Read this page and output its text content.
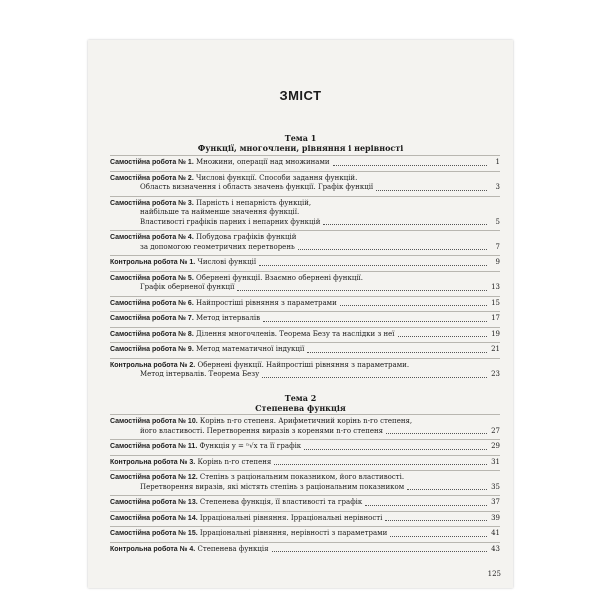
ЗМІСТ
Тема 1
Функції, многочлени, рівняння і нерівності
Самостійна робота № 1. Множини, операції над множинами	1
Самостійна робота № 2. Числові функції. Способи задання функцій.
Область визначення і область значень функції. Графік функції	3
Самостійна робота № 3. Парність і непарність функцій,
найбільше та найменше значення функції.
Властивості графіків парних і непарних функцій	5
Самостійна робота № 4. Побудова графіків функцій
за допомогою геометричних перетворень	7
Контрольна робота № 1. Числові функції	9
Самостійна робота № 5. Обернені функції. Взаємно обернені функції.
Графік оберненої функції	13
Самостійна робота № 6. Найпростіші рівняння з параметрами	15
Самостійна робота № 7. Метод інтервалів	17
Самостійна робота № 8. Ділення многочленів. Теорема Безу та наслідки з неї	19
Самостійна робота № 9. Метод математичної індукції	21
Контрольна робота № 2. Обернені функції. Найпростіші рівняння з параметрами.
Метод інтервалів. Теорема Безу	23
Тема 2
Степенева функція
Самостійна робота № 10. Корінь n-го степеня. Арифметичний корінь n-го степеня,
його властивості. Перетворення виразів з коренями n-го степеня	27
Самостійна робота № 11. Функція y = ⁿ√x та її графік	29
Контрольна робота № 3. Корінь n-го степеня	31
Самостійна робота № 12. Степінь з раціональним показником, його властивості.
Перетворення виразів, які містять степінь з раціональним показником	35
Самостійна робота № 13. Степенева функція, її властивості та графік	37
Самостійна робота № 14. Ірраціональні рівняння. Ірраціональні нерівності	39
Самостійна робота № 15. Ірраціональні рівняння, нерівності з параметрами	41
Контрольна робота № 4. Степенева функція	43
125
